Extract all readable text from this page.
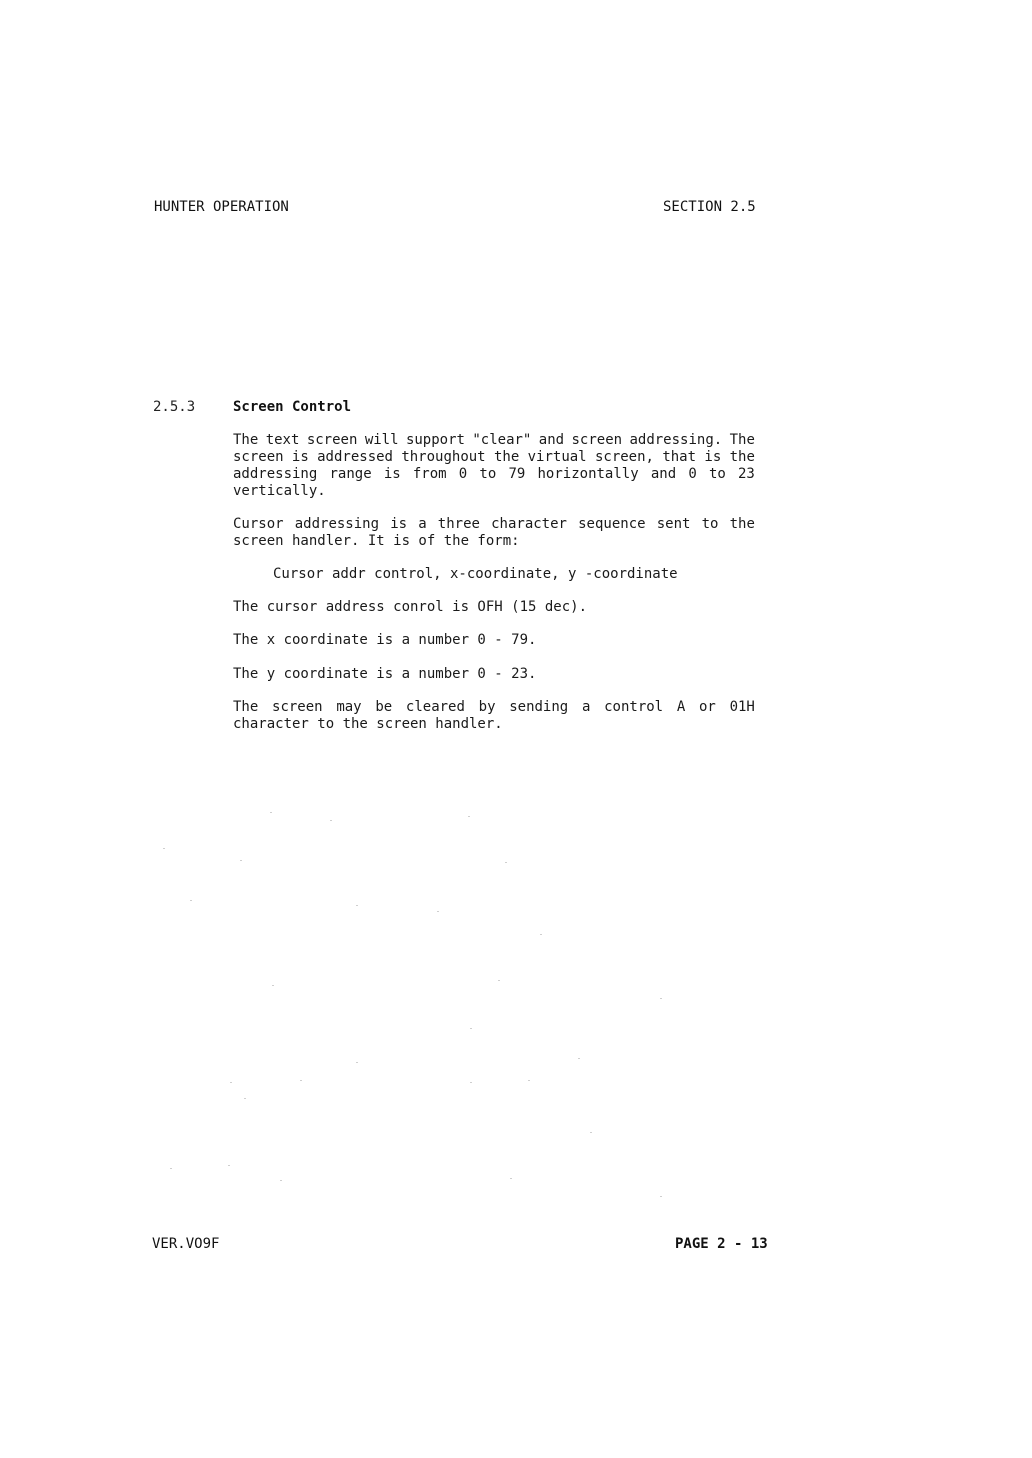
HUNTER OPERATION	SECTION 2.5
2.5.3	Screen Control
The text screen will support "clear" and screen addressing. The
screen is addressed throughout the virtual screen, that is the
addressing range is from 0 to 79 horizontally and 0 to 23
vertically.
Cursor addressing is a three character sequence sent to the
screen handler. It is of the form:
Cursor addr control, x-coordinate, y -coordinate
The cursor address conrol is OFH (15 dec).
The x coordinate is a number 0 - 79.
The y coordinate is a number 0 - 23.
The screen may be cleared by sending a control A or 01H
character to the screen handler.
VER.VO9F	PAGE 2 - 13
